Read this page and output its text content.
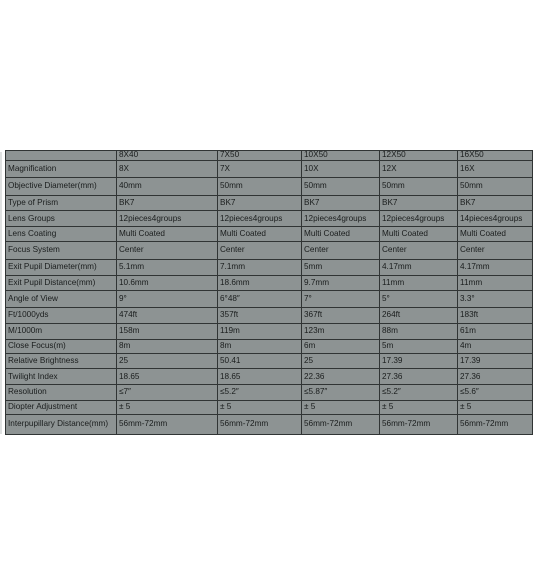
	8X40	7X50	10X50	12X50	16X50
Magnification	8X	7X	10X	12X	16X
Objective Diameter(mm)	40mm	50mm	50mm	50mm	50mm
Type of Prism	BK7	BK7	BK7	BK7	BK7
Lens Groups	12pieces4groups	12pieces4groups	12pieces4groups	12pieces4groups	14pieces4groups
Lens Coating	Multi Coated	Multi Coated	Multi Coated	Multi Coated	Multi Coated
Focus System	Center	Center	Center	Center	Center
Exit Pupil Diameter(mm)	5.1mm	7.1mm	5mm	4.17mm	4.17mm
Exit Pupil Distance(mm)	10.6mm	18.6mm	9.7mm	11mm	11mm
Angle of View	9°	6°48″	7°	5°	3.3°
Ft/1000yds	474ft	357ft	367ft	264ft	183ft
M/1000m	158m	119m	123m	88m	61m
Close Focus(m)	8m	8m	6m	5m	4m
Relative Brightness	25	50.41	25	17.39	17.39
Twilight Index	18.65	18.65	22.36	27.36	27.36
Resolution	≤7″	≤5.2″	≤5.87″	≤5.2″	≤5.6″
Diopter Adjustment	± 5	± 5	± 5	± 5	± 5
Interpupillary Distance(mm)	56mm-72mm	56mm-72mm	56mm-72mm	56mm-72mm	56mm-72mm
